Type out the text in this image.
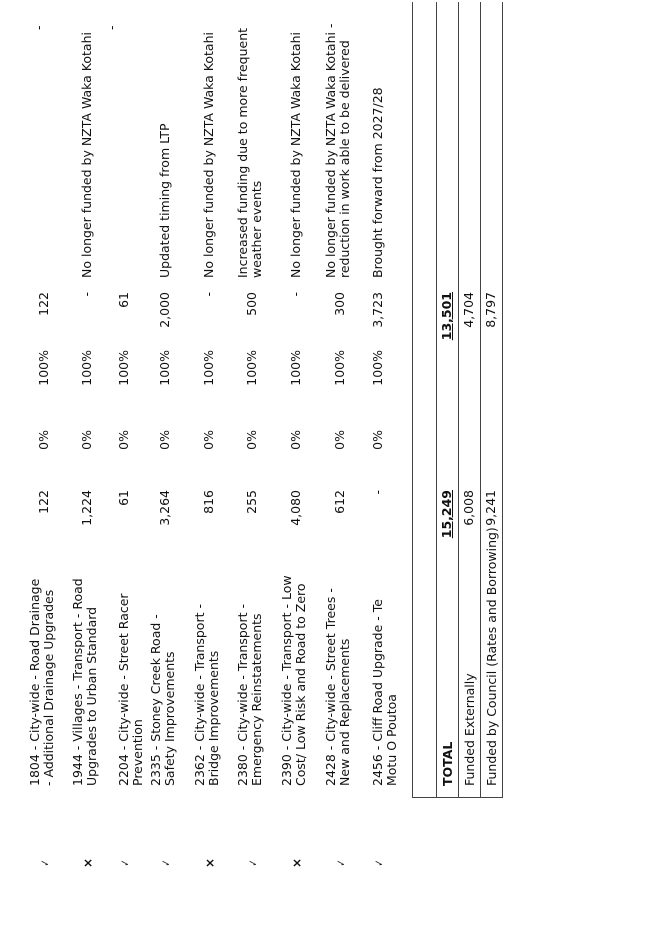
-	-
✓
1804 - City-wide - Road Drainage - Additional Drainage Upgrades
122
0%
100%
122
×
1944 - Villages - Transport - Road Upgrades to Urban Standard
1,224
0%
100%
-
No longer funded by NZTA Waka Kotahi
✓
2204 - City-wide - Street Racer Prevention
61
0%
100%
61
✓
2335 - Stoney Creek Road - Safety Improvements
3,264
0%
100%
2,000
Updated timing from LTP
×
2362 - City-wide - Transport - Bridge Improvements
816
0%
100%
-
No longer funded by NZTA Waka Kotahi
✓
2380 - City-wide - Transport - Emergency Reinstatements
255
0%
100%
500
Increased funding due to more frequent weather events
×
2390 - City-wide - Transport - Low Cost/ Low Risk and Road to Zero
4,080
0%
100%
-
No longer funded by NZTA Waka Kotahi
✓
2428 - City-wide - Street Trees - New and Replacements
612
0%
100%
300
No longer funded by NZTA Waka Kotahi - reduction in work able to be delivered
✓
2456 - Cliff Road Upgrade - Te Motu O Poutoa
-
0%
100%
3,723
Brought forward from 2027/28
TOTAL
15,249
13,501
Funded Externally
6,008
4,704
Funded by Council (Rates and Borrowing)
9,241
8,797
